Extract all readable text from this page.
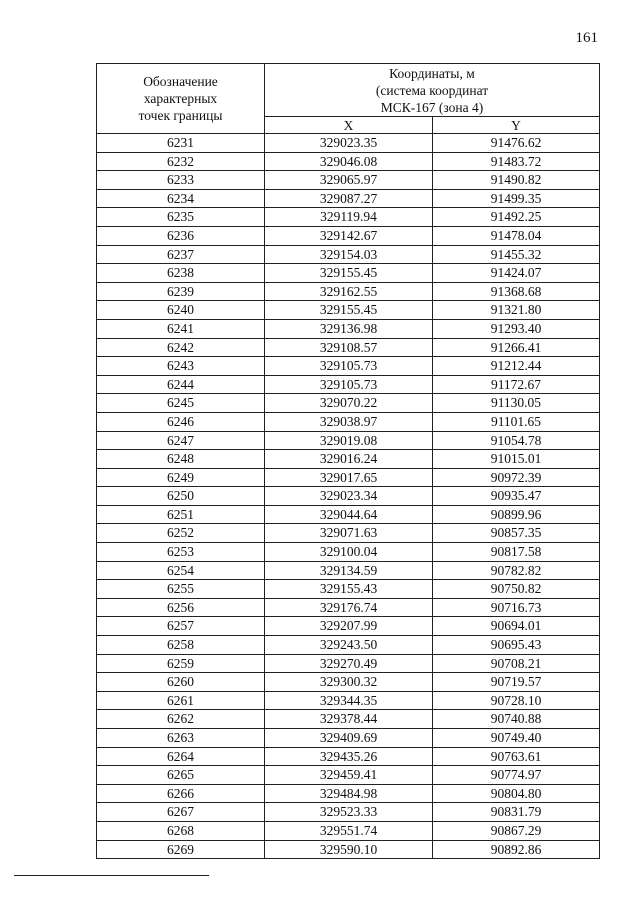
161
Обозначение
характерных
точек границы	Координаты, м
(система координат
МСК-167 (зона 4)	

	X	Y
6231	329023.35	91476.62
6232	329046.08	91483.72
6233	329065.97	91490.82
6234	329087.27	91499.35
6235	329119.94	91492.25
6236	329142.67	91478.04
6237	329154.03	91455.32
6238	329155.45	91424.07
6239	329162.55	91368.68
6240	329155.45	91321.80
6241	329136.98	91293.40
6242	329108.57	91266.41
6243	329105.73	91212.44
6244	329105.73	91172.67
6245	329070.22	91130.05
6246	329038.97	91101.65
6247	329019.08	91054.78
6248	329016.24	91015.01
6249	329017.65	90972.39
6250	329023.34	90935.47
6251	329044.64	90899.96
6252	329071.63	90857.35
6253	329100.04	90817.58
6254	329134.59	90782.82
6255	329155.43	90750.82
6256	329176.74	90716.73
6257	329207.99	90694.01
6258	329243.50	90695.43
6259	329270.49	90708.21
6260	329300.32	90719.57
6261	329344.35	90728.10
6262	329378.44	90740.88
6263	329409.69	90749.40
6264	329435.26	90763.61
6265	329459.41	90774.97
6266	329484.98	90804.80
6267	329523.33	90831.79
6268	329551.74	90867.29
6269	329590.10	90892.86
